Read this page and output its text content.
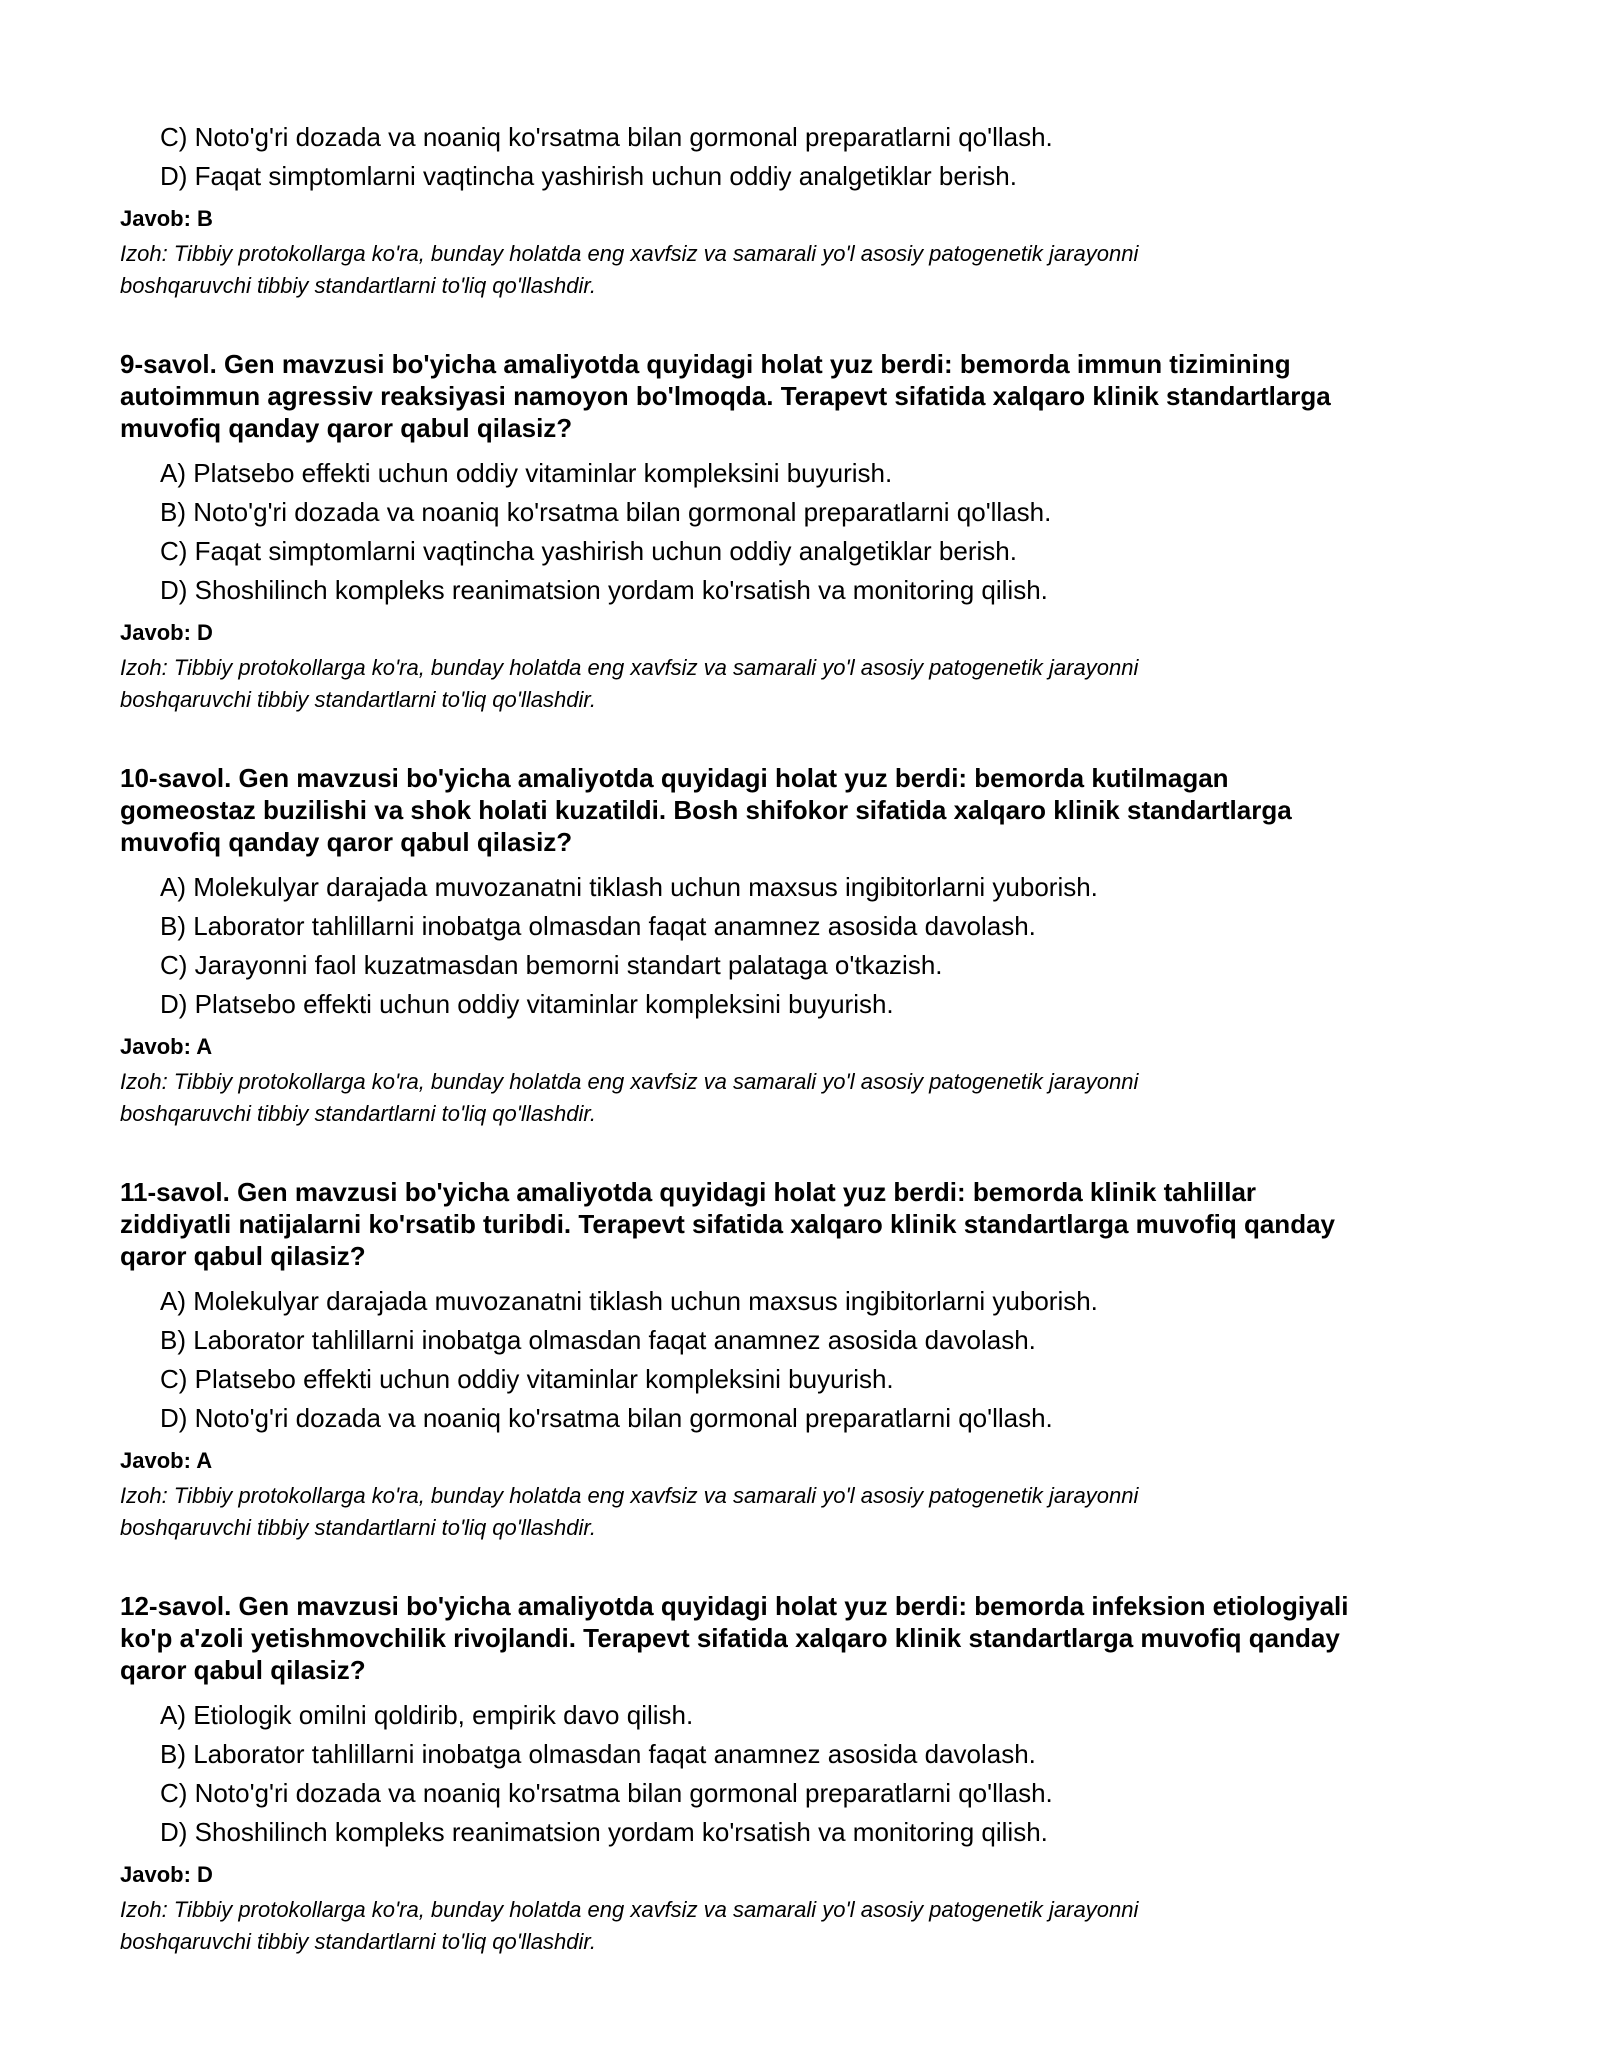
C) Noto'g'ri dozada va noaniq ko'rsatma bilan gormonal preparatlarni qo'llash.
D) Faqat simptomlarni vaqtincha yashirish uchun oddiy analgetiklar berish.
Javob: B
Izoh: Tibbiy protokollarga ko'ra, bunday holatda eng xavfsiz va samarali yo'l asosiy patogenetik jarayonni
boshqaruvchi tibbiy standartlarni to'liq qo'llashdir.
9-savol. Gen mavzusi bo'yicha amaliyotda quyidagi holat yuz berdi: bemorda immun tizimining
autoimmun agressiv reaksiyasi namoyon bo'lmoqda. Terapevt sifatida xalqaro klinik standartlarga
muvofiq qanday qaror qabul qilasiz?
A) Platsebo effekti uchun oddiy vitaminlar kompleksini buyurish.
B) Noto'g'ri dozada va noaniq ko'rsatma bilan gormonal preparatlarni qo'llash.
C) Faqat simptomlarni vaqtincha yashirish uchun oddiy analgetiklar berish.
D) Shoshilinch kompleks reanimatsion yordam ko'rsatish va monitoring qilish.
Javob: D
Izoh: Tibbiy protokollarga ko'ra, bunday holatda eng xavfsiz va samarali yo'l asosiy patogenetik jarayonni
boshqaruvchi tibbiy standartlarni to'liq qo'llashdir.
10-savol. Gen mavzusi bo'yicha amaliyotda quyidagi holat yuz berdi: bemorda kutilmagan
gomeostaz buzilishi va shok holati kuzatildi. Bosh shifokor sifatida xalqaro klinik standartlarga
muvofiq qanday qaror qabul qilasiz?
A) Molekulyar darajada muvozanatni tiklash uchun maxsus ingibitorlarni yuborish.
B) Laborator tahlillarni inobatga olmasdan faqat anamnez asosida davolash.
C) Jarayonni faol kuzatmasdan bemorni standart palataga o'tkazish.
D) Platsebo effekti uchun oddiy vitaminlar kompleksini buyurish.
Javob: A
Izoh: Tibbiy protokollarga ko'ra, bunday holatda eng xavfsiz va samarali yo'l asosiy patogenetik jarayonni
boshqaruvchi tibbiy standartlarni to'liq qo'llashdir.
11-savol. Gen mavzusi bo'yicha amaliyotda quyidagi holat yuz berdi: bemorda klinik tahlillar
ziddiyatli natijalarni ko'rsatib turibdi. Terapevt sifatida xalqaro klinik standartlarga muvofiq qanday
qaror qabul qilasiz?
A) Molekulyar darajada muvozanatni tiklash uchun maxsus ingibitorlarni yuborish.
B) Laborator tahlillarni inobatga olmasdan faqat anamnez asosida davolash.
C) Platsebo effekti uchun oddiy vitaminlar kompleksini buyurish.
D) Noto'g'ri dozada va noaniq ko'rsatma bilan gormonal preparatlarni qo'llash.
Javob: A
Izoh: Tibbiy protokollarga ko'ra, bunday holatda eng xavfsiz va samarali yo'l asosiy patogenetik jarayonni
boshqaruvchi tibbiy standartlarni to'liq qo'llashdir.
12-savol. Gen mavzusi bo'yicha amaliyotda quyidagi holat yuz berdi: bemorda infeksion etiologiyali
ko'p a'zoli yetishmovchilik rivojlandi. Terapevt sifatida xalqaro klinik standartlarga muvofiq qanday
qaror qabul qilasiz?
A) Etiologik omilni qoldirib, empirik davo qilish.
B) Laborator tahlillarni inobatga olmasdan faqat anamnez asosida davolash.
C) Noto'g'ri dozada va noaniq ko'rsatma bilan gormonal preparatlarni qo'llash.
D) Shoshilinch kompleks reanimatsion yordam ko'rsatish va monitoring qilish.
Javob: D
Izoh: Tibbiy protokollarga ko'ra, bunday holatda eng xavfsiz va samarali yo'l asosiy patogenetik jarayonni
boshqaruvchi tibbiy standartlarni to'liq qo'llashdir.
